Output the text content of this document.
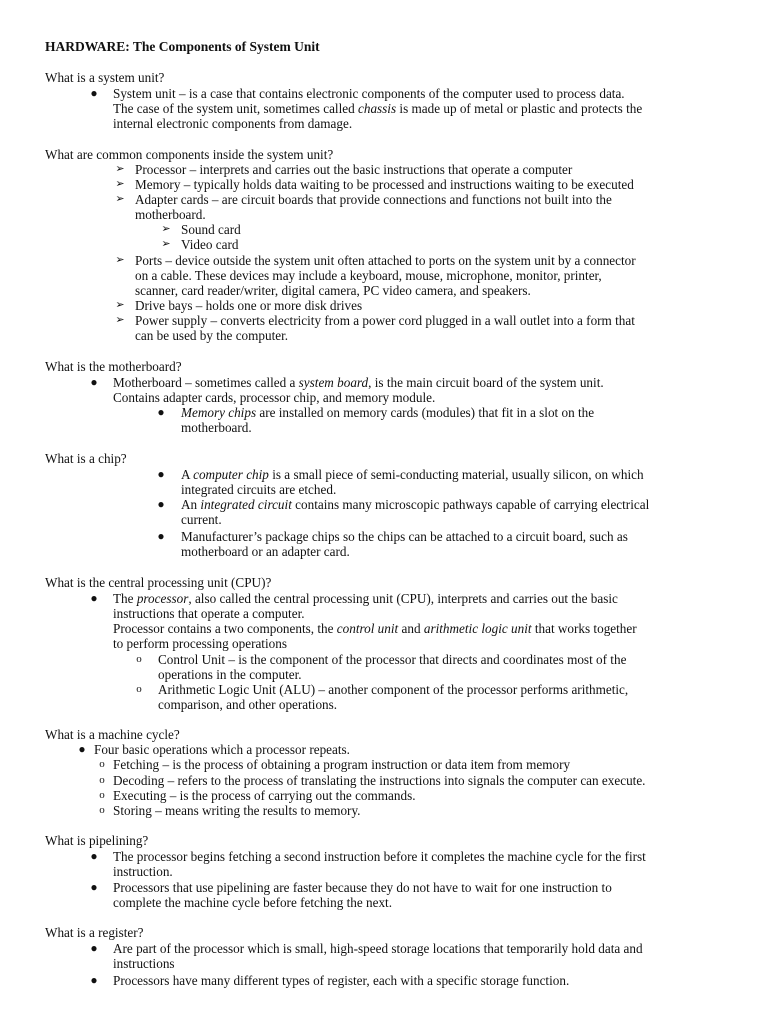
HARDWARE: The Components of System Unit
What is a system unit?
●	System unit – is a case that contains electronic components of the computer used to process data.
The case of the system unit, sometimes called chassis is made up of metal or plastic and protects the
internal electronic components from damage.
What are common components inside the system unit?
➢ Processor – interprets and carries out the basic instructions that operate a computer
➢ Memory – typically holds data waiting to be processed and instructions waiting to be executed
➢ Adapter cards – are circuit boards that provide connections and functions not built into the
motherboard.
➢ Sound card
➢ Video card
➢ Ports – device outside the system unit often attached to ports on the system unit by a connector
on a cable. These devices may include a keyboard, mouse, microphone, monitor, printer,
scanner, card reader/writer, digital camera, PC video camera, and speakers.
➢ Drive bays – holds one or more disk drives
➢ Power supply – converts electricity from a power cord plugged in a wall outlet into a form that
can be used by the computer.
What is the motherboard?
●	Motherboard – sometimes called a system board, is the main circuit board of the system unit.
Contains adapter cards, processor chip, and memory module.
●	Memory chips are installed on memory cards (modules) that fit in a slot on the
motherboard.
What is a chip?
●	A computer chip is a small piece of semi-conducting material, usually silicon, on which
integrated circuits are etched.
●	An integrated circuit contains many microscopic pathways capable of carrying electrical
current.
●	Manufacturer’s package chips so the chips can be attached to a circuit board, such as
motherboard or an adapter card.
What is the central processing unit (CPU)?
●	The processor, also called the central processing unit (CPU), interprets and carries out the basic
instructions that operate a computer.
Processor contains a two components, the control unit and arithmetic logic unit that works together
to perform processing operations
o	Control Unit – is the component of the processor that directs and coordinates most of the
operations in the computer.
o	Arithmetic Logic Unit (ALU) – another component of the processor performs arithmetic,
comparison, and other operations.
What is a machine cycle?
● Four basic operations which a processor repeats.
o Fetching – is the process of obtaining a program instruction or data item from memory
o Decoding – refers to the process of translating the instructions into signals the computer can execute.
o Executing – is the process of carrying out the commands.
o Storing – means writing the results to memory.
What is pipelining?
●	The processor begins fetching a second instruction before it completes the machine cycle for the first
instruction.
●	Processors that use pipelining are faster because they do not have to wait for one instruction to
complete the machine cycle before fetching the next.
What is a register?
●	Are part of the processor which is small, high-speed storage locations that temporarily hold data and
instructions
●	Processors have many different types of register, each with a specific storage function.
